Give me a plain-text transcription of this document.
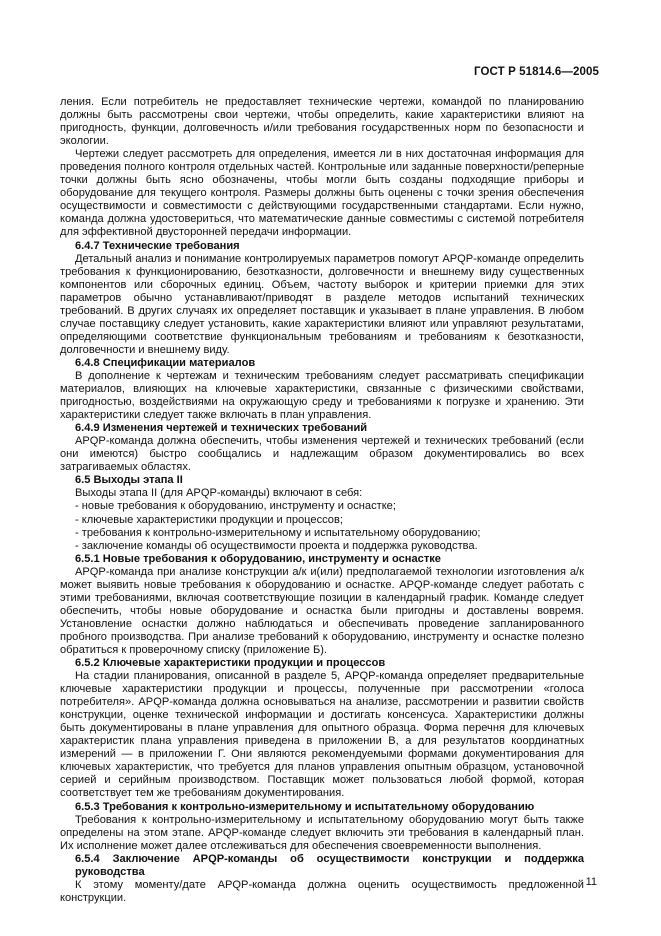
ГОСТ Р 51814.6—2005

ления. Если потребитель не предоставляет технические чертежи, командой по планированию должны быть рассмотрены свои чертежи, чтобы определить, какие характеристики влияют на пригодность, функции, долговечность и/или требования государственных норм по безопасности и экологии.

Чертежи следует рассмотреть для определения, имеется ли в них достаточная информация для проведения полного контроля отдельных частей. Контрольные или заданные поверхности/реперные точки должны быть ясно обозначены, чтобы могли быть созданы подходящие приборы и оборудование для текущего контроля. Размеры должны быть оценены с точки зрения обеспечения осуществимости и совместимости с действующими государственными стандартами. Если нужно, команда должна удостовериться, что математические данные совместимы с системой потребителя для эффективной двусторонней передачи информации.

6.4.7 Технические требования

Детальный анализ и понимание контролируемых параметров помогут APQP-команде определить требования к функционированию, безотказности, долговечности и внешнему виду существенных компонентов или сборочных единиц. Объем, частоту выборок и критерии приемки для этих параметров обычно устанавливают/приводят в разделе методов испытаний технических требований. В других случаях их определяет поставщик и указывает в плане управления. В любом случае поставщику следует установить, какие характеристики влияют или управляют результатами, определяющими соответствие функциональным требованиям и требованиям к безотказности, долговечности и внешнему виду.

6.4.8 Спецификации материалов

В дополнение к чертежам и техническим требованиям следует рассматривать спецификации материалов, влияющих на ключевые характеристики, связанные с физическими свойствами, пригодностью, воздействиями на окружающую среду и требованиями к погрузке и хранению. Эти характеристики следует также включать в план управления.

6.4.9 Изменения чертежей и технических требований

APQP-команда должна обеспечить, чтобы изменения чертежей и технических требований (если они имеются) быстро сообщались и надлежащим образом документировались во всех затрагиваемых областях.

6.5 Выходы этапа II

Выходы этапа II (для APQP-команды) включают в себя:

- новые требования к оборудованию, инструменту и оснастке;

- ключевые характеристики продукции и процессов;

- требования к контрольно-измерительному и испытательному оборудованию;

- заключение команды об осуществимости проекта и поддержка руководства.

6.5.1 Новые требования к оборудованию, инструменту и оснастке

APQP-команда при анализе конструкции а/к и(или) предполагаемой технологии изготовления а/к может выявить новые требования к оборудованию и оснастке. APQP-команде следует работать с этими требованиями, включая соответствующие позиции в календарный график. Команде следует обеспечить, чтобы новые оборудование и оснастка были пригодны и доставлены вовремя. Установление оснастки должно наблюдаться и обеспечивать проведение запланированного пробного производства. При анализе требований к оборудованию, инструменту и оснастке полезно обратиться к проверочному списку (приложение Б).

6.5.2 Ключевые характеристики продукции и процессов

На стадии планирования, описанной в разделе 5, APQP-команда определяет предварительные ключевые характеристики продукции и процессы, полученные при рассмотрении «голоса потребителя». APQP-команда должна основываться на анализе, рассмотрении и развитии свойств конструкции, оценке технической информации и достигать консенсуса. Характеристики должны быть документированы в плане управления для опытного образца. Форма перечня для ключевых характеристик плана управления приведена в приложении В, а для результатов координатных измерений — в приложении Г. Они являются рекомендуемыми формами документирования для ключевых характеристик, что требуется для планов управления опытным образцом, установочной серией и серийным производством. Поставщик может пользоваться любой формой, которая соответствует тем же требованиям документирования.

6.5.3 Требования к контрольно-измерительному и испытательному оборудованию

Требования к контрольно-измерительному и испытательному оборудованию могут быть также определены на этом этапе. APQP-команде следует включить эти требования в календарный план. Их исполнение может далее отслеживаться для обеспечения своевременности выполнения.

6.5.4 Заключение APQP-команды об осуществимости конструкции и поддержка руководства

К этому моменту/дате APQP-команда должна оценить осуществимость предложенной конструкции.

11
